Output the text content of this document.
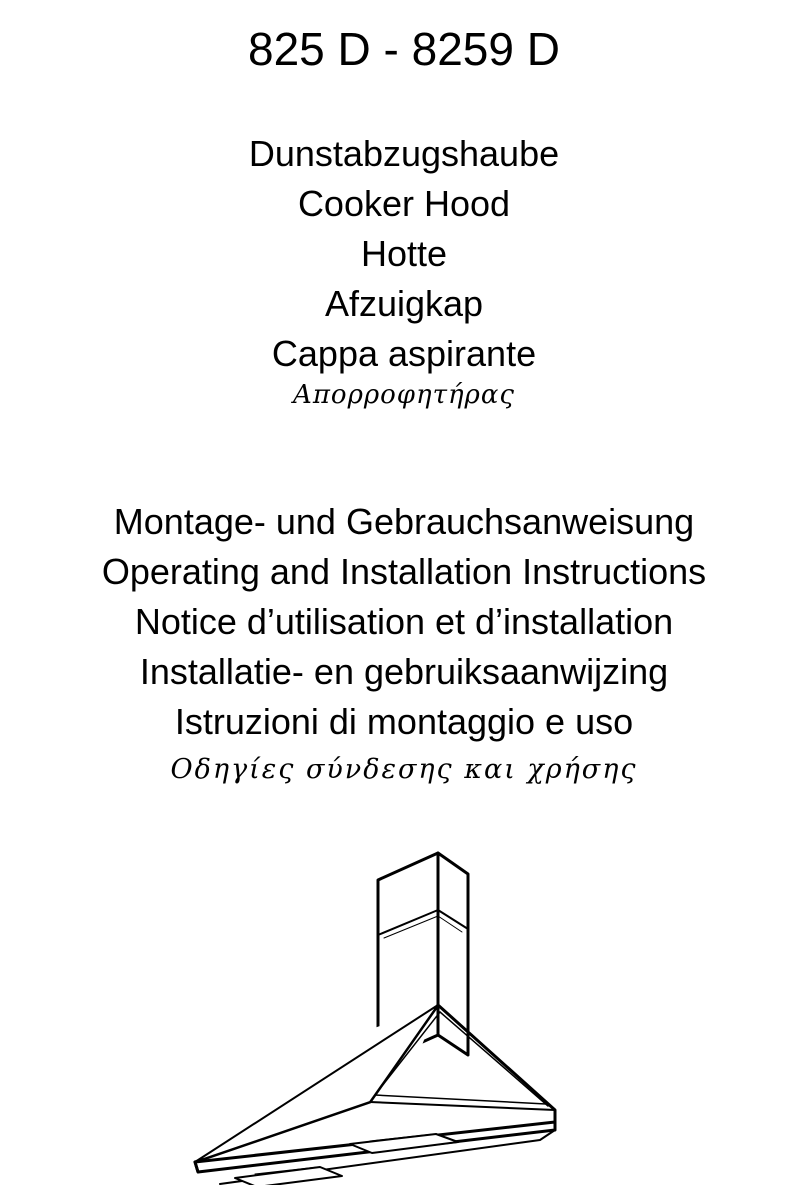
825 D - 8259 D
Dunstabzugshaube
Cooker Hood
Hotte
Afzuigkap
Cappa aspirante
Απορροφητήρας
Montage- und Gebrauchsanweisung
Operating and Installation Instructions
Notice d’utilisation et d’installation
Installatie- en gebruiksaanwijzing
Istruzioni di montaggio e uso
Οδηγίες σύνδεσης και χρήσης
